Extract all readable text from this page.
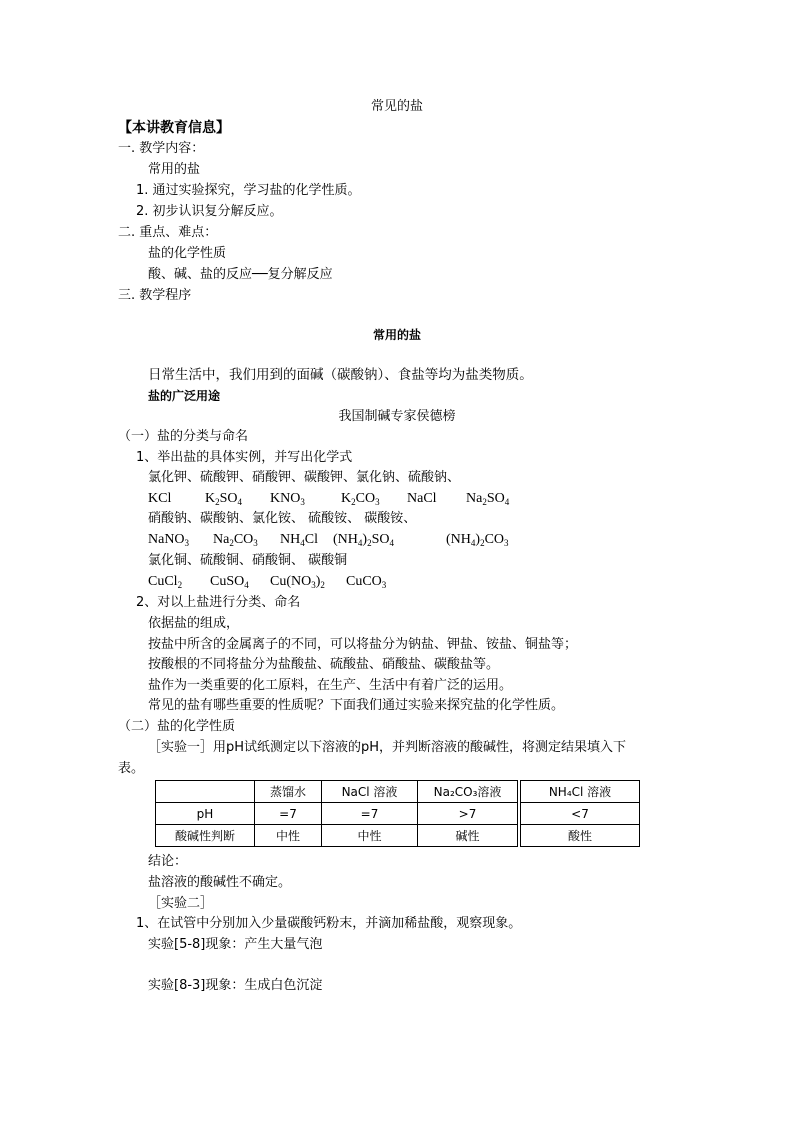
常见的盐
【本讲教育信息】
一. 教学内容：
常用的盐
1. 通过实验探究，学习盐的化学性质。
2. 初步认识复分解反应。
二. 重点、难点：
盐的化学性质
酸、碱、盐的反应──复分解反应
三. 教学程序
常用的盐
日常生活中，我们用到的面碱（碳酸钠）、食盐等均为盐类物质。
盐的广泛用途
我国制碱专家侯德榜
（一）盐的分类与命名
1、举出盐的具体实例，并写出化学式
氯化钾、硫酸钾、硝酸钾、碳酸钾、氯化钠、硫酸钠、
KCl $K_2SO_4$ $KNO_3$	$K_2CO_3$ NaCl $Na_2SO_4$
硝酸钠、碳酸钠、氯化铵、 硫酸铵、 碳酸铵、
NaNO$_3$ $Na_2CO_3$ $NH_4Cl$ $(NH_4)_2SO_4$	$(NH_4)_2CO_3$
氯化铜、硫酸铜、硝酸铜、 碳酸铜
CuCl$_2$ CuSO$_4$ $Cu(NO_3)_2$ CuCO$_3$
2、对以上盐进行分类、命名
依据盐的组成，
按盐中所含的金属离子的不同，可以将盐分为钠盐、钾盐、铵盐、铜盐等；
按酸根的不同将盐分为盐酸盐、硫酸盐、硝酸盐、碳酸盐等。
盐作为一类重要的化工原料，在生产、生活中有着广泛的运用。
常见的盐有哪些重要的性质呢？下面我们通过实验来探究盐的化学性质。
（二）盐的化学性质
［实验一］用pH试纸测定以下溶液的pH，并判断溶液的酸碱性，将测定结果填入下
表。
	蒸馏水	NaCl 溶液	Na₂CO₃溶液		NH₄Cl 溶液
pH	=7	=7	>7		<7
酸碱性判断	中性	中性	碱性		酸性
结论：
盐溶液的酸碱性不确定。
［实验二］
1、在试管中分别加入少量碳酸钙粉末，并滴加稀盐酸，观察现象。
实验[5-8]现象：产生大量气泡
实验[8-3]现象：生成白色沉淀
